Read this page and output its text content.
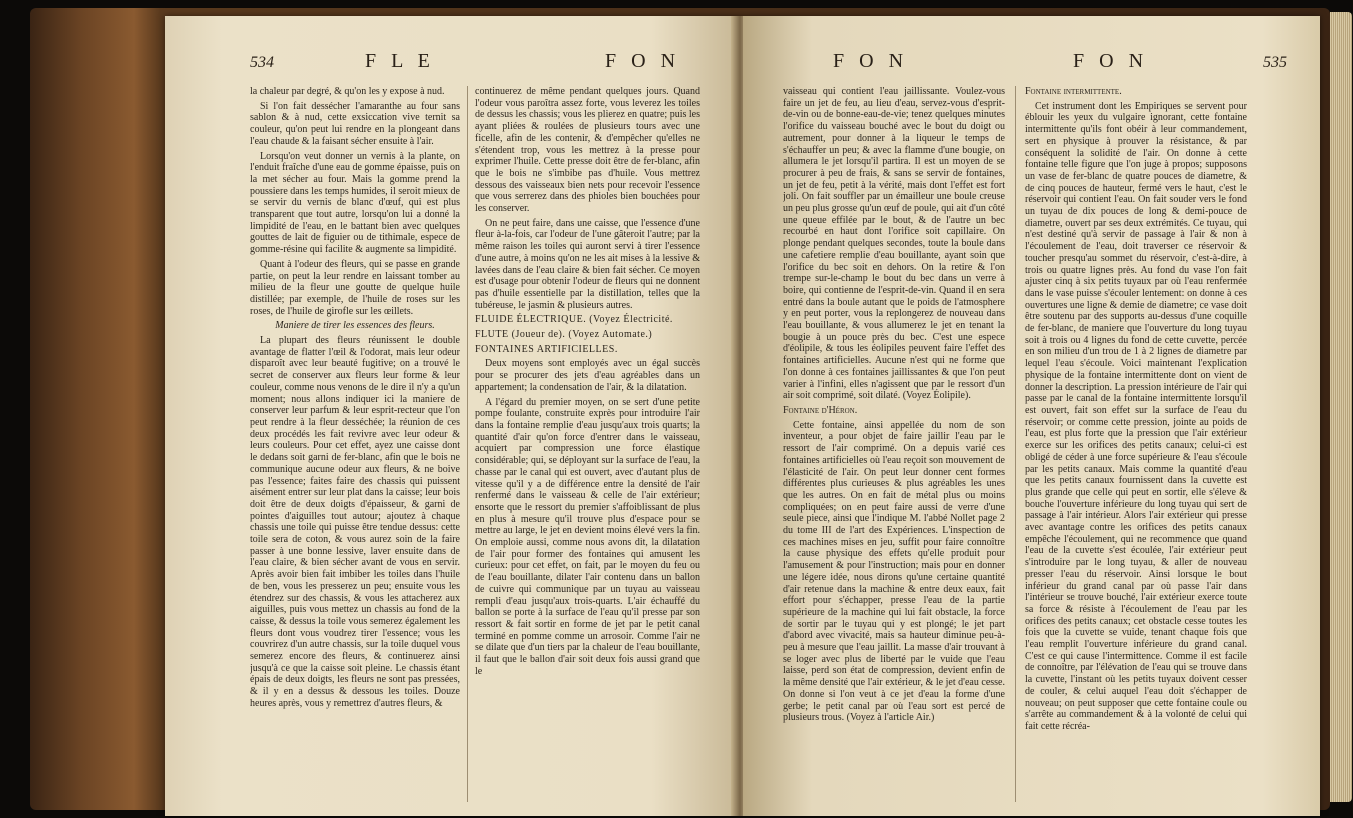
534	F L E	F O N

la chaleur par degré, & qu'on les y expose à nud.

Si l'on fait dessécher l'amaranthe au four sans sablon & à nud, cette exsiccation vive ternit sa couleur, qu'on peut lui rendre en la plongeant dans l'eau chaude & la faisant sécher ensuite à l'air.

Lorsqu'on veut donner un vernis à la plante, on l'enduit fraîche d'une eau de gomme épaisse, puis on la met sécher au four. Mais la gomme prend la poussiere dans les temps humides, il seroit mieux de se servir du vernis de blanc d'œuf, qui est plus transparent que tout autre, lorsqu'on lui a donné la limpidité de l'eau, en le battant bien avec quelques gouttes de lait de figuier ou de tithimale, espece de gomme-résine qui facilite & augmente sa limpidité.

Quant à l'odeur des fleurs, qui se passe en grande partie, on peut la leur rendre en laissant tomber au milieu de la fleur une goutte de quelque huile distillée; par exemple, de l'huile de roses sur les roses, de l'huile de girofle sur les œillets.

Maniere de tirer les essences des fleurs.

La plupart des fleurs réunissent le double avantage de flatter l'œil & l'odorat, mais leur odeur disparoît avec leur beauté fugitive; on a trouvé le secret de conserver aux fleurs leur forme & leur couleur, comme nous venons de le dire il n'y a qu'un moment; nous allons indiquer ici la maniere de conserver leur parfum & leur esprit-recteur que l'on peut rendre à la fleur desséchée; la réunion de ces deux procédés les fait revivre avec leur odeur & leurs couleurs. Pour cet effet, ayez une caisse dont le dedans soit garni de fer-blanc, afin que le bois ne communique aucune odeur aux fleurs, & ne boive pas l'essence; faites faire des chassis qui puissent aisément entrer sur leur plat dans la caisse; leur bois doit être de deux doigts d'épaisseur, & garni de pointes d'aiguilles tout autour; ajoutez à chaque chassis une toile qui puisse être tendue dessus: cette toile sera de coton, & vous aurez soin de la faire passer à une bonne lessive, laver ensuite dans de l'eau claire, & bien sécher avant de vous en servir. Après avoir bien fait imbiber les toiles dans l'huile de ben, vous les presserez un peu; ensuite vous les étendrez sur des chassis, & vous les attacherez aux aiguilles, puis vous mettez un chassis au fond de la caisse, & dessus la toile vous semerez également les fleurs dont vous voudrez tirer l'essence; vous les couvrirez d'un autre chassis, sur la toile duquel vous semerez encore des fleurs, & continuerez ainsi jusqu'à ce que la caisse soit pleine. Le chassis étant épais de deux doigts, les fleurs ne sont pas pressées, & il y en a dessus & dessous les toiles. Douze heures après, vous y remettrez d'autres fleurs, &

continuerez de même pendant quelques jours. Quand l'odeur vous paroîtra assez forte, vous leverez les toiles de dessus les chassis; vous les plierez en quatre; puis les ayant pliées & roulées de plusieurs tours avec une ficelle, afin de les contenir, & d'empêcher qu'elles ne s'étendent trop, vous les mettrez à la presse pour exprimer l'huile. Cette presse doit être de fer-blanc, afin que le bois ne s'imbibe pas d'huile. Vous mettrez dessous des vaisseaux bien nets pour recevoir l'essence que vous serrerez dans des phioles bien bouchées pour les conserver.

On ne peut faire, dans une caisse, que l'essence d'une fleur à-la-fois, car l'odeur de l'une gâteroit l'autre; par la même raison les toiles qui auront servi à tirer l'essence d'une autre, à moins qu'on ne les ait mises à la lessive & lavées dans de l'eau claire & bien fait sécher. Ce moyen est d'usage pour obtenir l'odeur de fleurs qui ne donnent pas d'huile essentielle par la distillation, telles que la tubéreuse, le jasmin & plusieurs autres.

FLUIDE ÉLECTRIQUE. (Voyez Électricité.

FLUTE (Joueur de). (Voyez Automate.)

FONTAINES ARTIFICIELLES.

Deux moyens sont employés avec un égal succès pour se procurer des jets d'eau agréables dans un appartement; la condensation de l'air, & la dilatation.

A l'égard du premier moyen, on se sert d'une petite pompe foulante, construite exprès pour introduire l'air dans la fontaine remplie d'eau jusqu'aux trois quarts; la quantité d'air qu'on force d'entrer dans le vaisseau, acquiert par compression une force élastique considérable; qui, se déployant sur la surface de l'eau, la chasse par le canal qui est ouvert, avec d'autant plus de vitesse qu'il y a de différence entre la densité de l'air renfermé dans le vaisseau & celle de l'air extérieur; ensorte que le ressort du premier s'affoiblissant de plus en plus à mesure qu'il trouve plus d'espace pour se mettre au large, le jet en devient moins élevé vers la fin. On emploie aussi, comme nous avons dit, la dilatation de l'air pour former des fontaines qui amusent les curieux: pour cet effet, on fait, par le moyen du feu ou de l'eau bouillante, dilater l'air contenu dans un ballon de cuivre qui communique par un tuyau au vaisseau rempli d'eau jusqu'aux trois-quarts. L'air échauffé du ballon se porte à la surface de l'eau qu'il presse par son ressort & fait sortir en forme de jet par le petit canal terminé en pomme comme un arrosoir. Comme l'air ne se dilate que d'un tiers par la chaleur de l'eau bouillante, il faut que le ballon d'air soit deux fois aussi grand que le

F O N	F O N	535

vaisseau qui contient l'eau jaillissante. Voulez-vous faire un jet de feu, au lieu d'eau, servez-vous d'esprit-de-vin ou de bonne-eau-de-vie; tenez quelques minutes l'orifice du vaisseau bouché avec le bout du doigt ou autrement, pour donner à la liqueur le temps de s'échauffer un peu; & avec la flamme d'une bougie, on allumera le jet lorsqu'il partira. Il est un moyen de se procurer à peu de frais, & sans se servir de fontaines, un jet de feu, petit à la vérité, mais dont l'effet est fort joli. On fait souffler par un émailleur une boule creuse un peu plus grosse qu'un œuf de poule, qui ait d'un côté une queue effilée par le bout, & de l'autre un bec recourbé en haut dont l'orifice soit capillaire. On plonge pendant quelques secondes, toute la boule dans une cafetiere remplie d'eau bouillante, ayant soin que l'orifice du bec soit en dehors. On la retire & l'on trempe sur-le-champ le bout du bec dans un verre à boire, qui contienne de l'esprit-de-vin. Quand il en sera entré dans la boule autant que le poids de l'atmosphere y en peut porter, vous la replongerez de nouveau dans l'eau bouillante, & vous allumerez le jet en tenant la bougie à un pouce près du bec. C'est une espece d'éolipile, & tous les éolipiles peuvent faire l'effet des fontaines artificielles. Aucune n'est qui ne forme que l'on donne à ces fontaines jaillissantes & que l'on peut varier à l'infini, elles n'agissent que par le ressort d'un air soit comprimé, soit dilaté. (Voyez Éolipile).

Fontaine d'Héron.

Cette fontaine, ainsi appellée du nom de son inventeur, a pour objet de faire jaillir l'eau par le ressort de l'air comprimé. On a depuis varié ces fontaines artificielles où l'eau reçoit son mouvement de l'élasticité de l'air. On peut leur donner cent formes différentes plus curieuses & plus agréables les unes que les autres. On en fait de métal plus ou moins compliquées; on en peut faire aussi de verre d'une seule piece, ainsi que l'indique M. l'abbé Nollet page 2 du tome III de l'art des Expériences. L'inspection de ces machines mises en jeu, suffit pour faire connoître la cause physique des effets qu'elle produit pour l'amusement & pour l'instruction; mais pour en donner une légere idée, nous dirons qu'une certaine quantité d'air retenue dans la machine & entre deux eaux, fait effort pour s'échapper, presse l'eau de la partie supérieure de la machine qui lui fait obstacle, la force de sortir par le tuyau qui y est plongé; le jet part d'abord avec vivacité, mais sa hauteur diminue peu-à-peu à mesure que l'eau jaillit. La masse d'air trouvant à se loger avec plus de liberté par le vuide que l'eau laisse, perd son état de compression, devient enfin de la même densité que l'air extérieur, & le jet d'eau cesse. On donne si l'on veut à ce jet d'eau la forme d'une gerbe; le petit canal par où l'eau sort est percé de plusieurs trous. (Voyez à l'article Air.)

Fontaine intermittente.

Cet instrument dont les Empiriques se servent pour éblouir les yeux du vulgaire ignorant, cette fontaine intermittente qu'ils font obéir à leur commandement, sert en physique à prouver la résistance, & par conséquent la solidité de l'air. On donne à cette fontaine telle figure que l'on juge à propos; supposons un vase de fer-blanc de quatre pouces de diametre, & de cinq pouces de hauteur, fermé vers le haut, c'est le réservoir qui contient l'eau. On fait souder vers le fond un tuyau de dix pouces de long & demi-pouce de diametre, ouvert par ses deux extrémités. Ce tuyau, qui n'est destiné qu'à servir de passage à l'air & non à l'écoulement de l'eau, doit traverser ce réservoir & toucher presqu'au sommet du réservoir, c'est-à-dire, à trois ou quatre lignes près. Au fond du vase l'on fait ajuster cinq à six petits tuyaux par où l'eau renfermée dans le vase puisse s'écouler lentement: on donne à ces ouvertures une ligne & demie de diametre; ce vase doit être soutenu par des supports au-dessus d'une coquille de fer-blanc, de maniere que l'ouverture du long tuyau soit à trois ou 4 lignes du fond de cette cuvette, percée en son milieu d'un trou de 1 à 2 lignes de diametre par lequel l'eau s'écoule. Voici maintenant l'explication physique de la fontaine intermittente dont on vient de donner la description. La pression intérieure de l'air qui passe par le canal de la fontaine intermittente lorsqu'il est ouvert, fait son effet sur la surface de l'eau du réservoir; or comme cette pression, jointe au poids de l'eau, est plus forte que la pression que l'air extérieur exerce sur les orifices des petits canaux; celui-ci est obligé de céder à une force supérieure & l'eau s'écoule par les petits canaux. Mais comme la quantité d'eau que les petits canaux fournissent dans la cuvette est plus grande que celle qui peut en sortir, elle s'éleve & bouche l'ouverture inférieure du long tuyau qui sert de passage à l'air intérieur. Alors l'air extérieur qui presse avec avantage contre les orifices des petits canaux empêche l'écoulement, qui ne recommence que quand l'eau de la cuvette s'est écoulée, l'air extérieur peut s'introduire par le long tuyau, & aller de nouveau presser l'eau du réservoir. Ainsi lorsque le bout inférieur du grand canal par où passe l'air dans l'intérieur se trouve bouché, l'air extérieur exerce toute sa force & résiste à l'écoulement de l'eau par les orifices des petits canaux; cet obstacle cesse toutes les fois que la cuvette se vuide, tenant chaque fois que l'eau remplit l'ouverture inférieure du grand canal. C'est ce qui cause l'intermittence. Comme il est facile de connoître, par l'élévation de l'eau qui se trouve dans la cuvette, l'instant où les petits tuyaux doivent cesser de couler, & celui auquel l'eau doit s'échapper de nouveau; on peut supposer que cette fontaine coule ou s'arrête au commandement & à la volonté de celui qui fait cette récréa-
